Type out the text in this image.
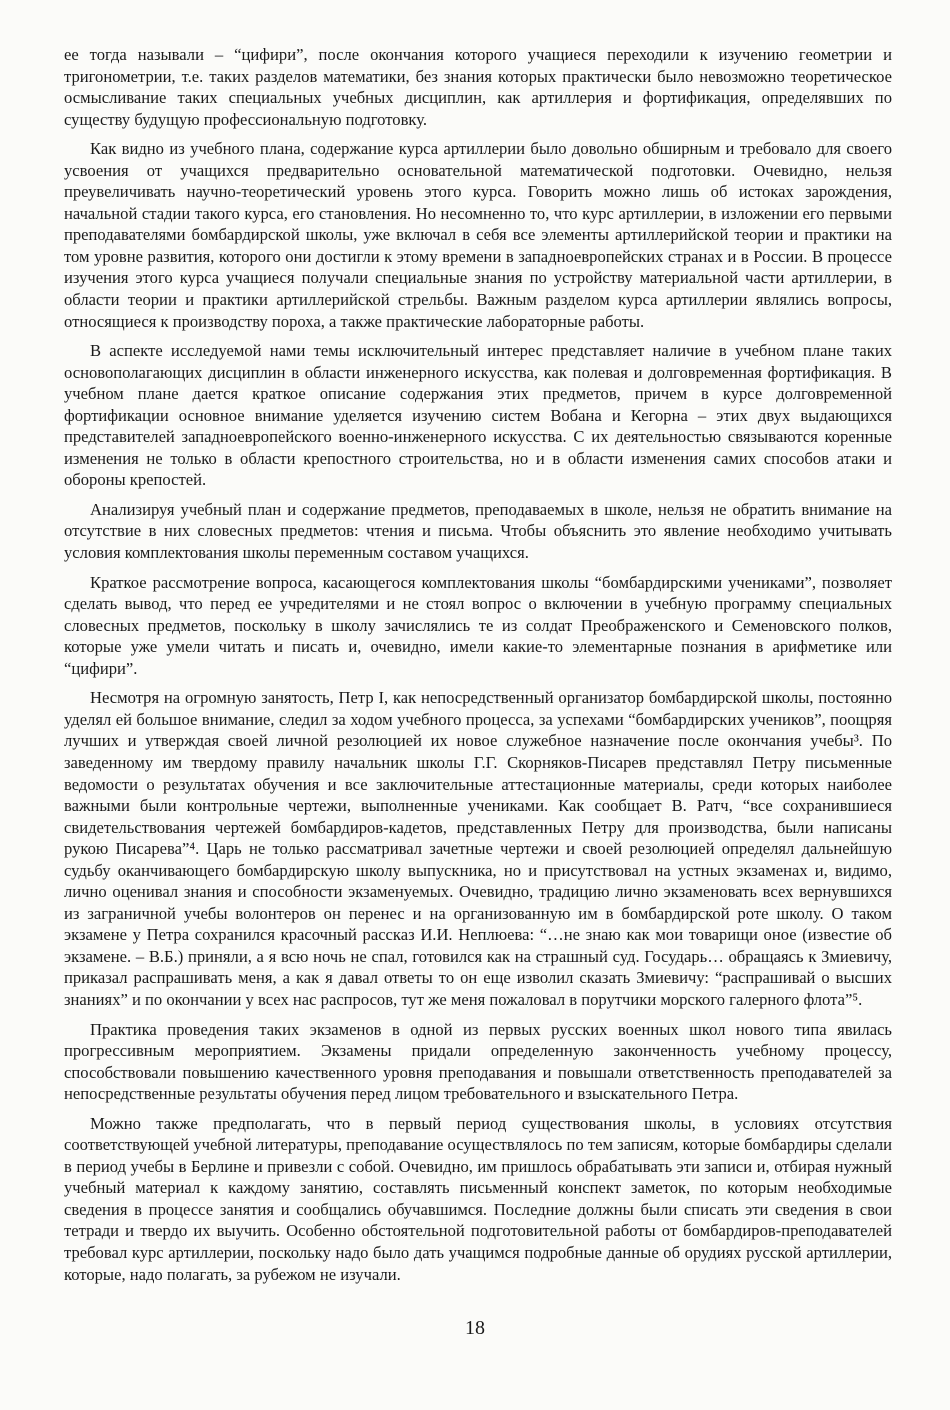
ее тогда называли – “цифири”, после окончания которого учащиеся переходили к изучению геометрии и тригонометрии, т.е. таких разделов математики, без знания которых практически было невозможно теоретическое осмысливание таких специальных учебных дисциплин, как артиллерия и фортификация, определявших по существу будущую профессиональную подготовку.

Как видно из учебного плана, содержание курса артиллерии было довольно обширным и требовало для своего усвоения от учащихся предварительно основательной математической подготовки. Очевидно, нельзя преувеличивать научно-теоретический уровень этого курса. Говорить можно лишь об истоках зарождения, начальной стадии такого курса, его становления. Но несомненно то, что курс артиллерии, в изложении его первыми преподавателями бомбардирской школы, уже включал в себя все элементы артиллерийской теории и практики на том уровне развития, которого они достигли к этому времени в западноевропейских странах и в России. В процессе изучения этого курса учащиеся получали специальные знания по устройству материальной части артиллерии, в области теории и практики артиллерийской стрельбы. Важным разделом курса артиллерии являлись вопросы, относящиеся к производству пороха, а также практические лабораторные работы.

В аспекте исследуемой нами темы исключительный интерес представляет наличие в учебном плане таких основополагающих дисциплин в области инженерного искусства, как полевая и долговременная фортификация. В учебном плане дается краткое описание содержания этих предметов, причем в курсе долговременной фортификации основное внимание уделяется изучению систем Вобана и Кегорна – этих двух выдающихся представителей западноевропейского военно-инженерного искусства. С их деятельностью связываются коренные изменения не только в области крепостного строительства, но и в области изменения самих способов атаки и обороны крепостей.

Анализируя учебный план и содержание предметов, преподаваемых в школе, нельзя не обратить внимание на отсутствие в них словесных предметов: чтения и письма. Чтобы объяснить это явление необходимо учитывать условия комплектования школы переменным составом учащихся.

Краткое рассмотрение вопроса, касающегося комплектования школы “бомбардирскими учениками”, позволяет сделать вывод, что перед ее учредителями и не стоял вопрос о включении в учебную программу специальных словесных предметов, поскольку в школу зачислялись те из солдат Преображенского и Семеновского полков, которые уже умели читать и писать и, очевидно, имели какие-то элементарные познания в арифметике или “цифири”.

Несмотря на огромную занятость, Петр I, как непосредственный организатор бомбардирской школы, постоянно уделял ей большое внимание, следил за ходом учебного процесса, за успехами “бомбардирских учеников”, поощряя лучших и утверждая своей личной резолюцией их новое служебное назначение после окончания учебы³. По заведенному им твердому правилу начальник школы Г.Г. Скорняков-Писарев представлял Петру письменные ведомости о результатах обучения и все заключительные аттестационные материалы, среди которых наиболее важными были контрольные чертежи, выполненные учениками. Как сообщает В. Ратч, “все сохранившиеся свидетельствования чертежей бомбардиров-кадетов, представленных Петру для производства, были написаны рукою Писарева”⁴. Царь не только рассматривал зачетные чертежи и своей резолюцией определял дальнейшую судьбу оканчивающего бомбардирскую школу выпускника, но и присутствовал на устных экзаменах и, видимо, лично оценивал знания и способности экзаменуемых. Очевидно, традицию лично экзаменовать всех вернувшихся из заграничной учебы волонтеров он перенес и на организованную им в бомбардирской роте школу. О таком экзамене у Петра сохранился красочный рассказ И.И. Неплюева: “…не знаю как мои товарищи оное (известие об экзамене. – В.Б.) приняли, а я всю ночь не спал, готовился как на страшный суд. Государь… обращаясь к Змиевичу, приказал распрашивать меня, а как я давал ответы то он еще изволил сказать Змиевичу: “распрашивай о высших знаниях” и по окончании у всех нас распросов, тут же меня пожаловал в порутчики морского галерного флота”⁵.

Практика проведения таких экзаменов в одной из первых русских военных школ нового типа явилась прогрессивным мероприятием. Экзамены придали определенную законченность учебному процессу, способствовали повышению качественного уровня преподавания и повышали ответственность преподавателей за непосредственные результаты обучения перед лицом требовательного и взыскательного Петра.

Можно также предполагать, что в первый период существования школы, в условиях отсутствия соответствующей учебной литературы, преподавание осуществлялось по тем записям, которые бомбардиры сделали в период учебы в Берлине и привезли с собой. Очевидно, им пришлось обрабатывать эти записи и, отбирая нужный учебный материал к каждому занятию, составлять письменный конспект заметок, по которым необходимые сведения в процессе занятия и сообщались обучавшимся. Последние должны были списать эти сведения в свои тетради и твердо их выучить. Особенно обстоятельной подготовительной работы от бомбардиров-преподавателей требовал курс артиллерии, поскольку надо было дать учащимся подробные данные об орудиях русской артиллерии, которые, надо полагать, за рубежом не изучали.

18
